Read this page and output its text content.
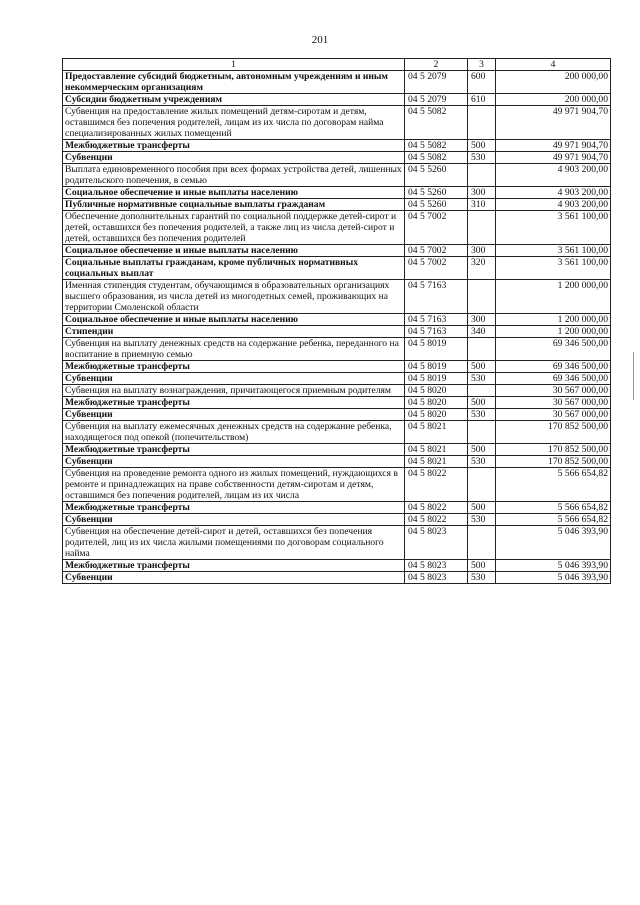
201
1	2	3	4
Предоставление субсидий бюджетным, автономным учреждениям и иным некоммерческим организациям	04 5 2079	600	200 000,00
Субсидии бюджетным учреждениям	04 5 2079	610	200 000,00
Субвенция на предоставление жилых помещений детям-сиротам и детям, оставшимся без попечения родителей, лицам из их числа по договорам найма специализированных жилых помещений	04 5 5082		49 971 904,70
Межбюджетные трансферты	04 5 5082	500	49 971 904,70
Субвенции	04 5 5082	530	49 971 904,70
Выплата единовременного пособия при всех формах устройства детей, лишенных родительского попечения, в семью	04 5 5260		4 903 200,00
Социальное обеспечение и иные выплаты населению	04 5 5260	300	4 903 200,00
Публичные нормативные социальные выплаты гражданам	04 5 5260	310	4 903 200,00
Обеспечение дополнительных гарантий по социальной поддержке детей-сирот и детей, оставшихся без попечения родителей, а также лиц из числа детей-сирот и детей, оставшихся без попечения родителей	04 5 7002		3 561 100,00
Социальное обеспечение и иные выплаты населению	04 5 7002	300	3 561 100,00
Социальные выплаты гражданам, кроме публичных нормативных социальных выплат	04 5 7002	320	3 561 100,00
Именная стипендия студентам, обучающимся в образовательных организациях высшего образования, из числа детей из многодетных семей, проживающих на территории Смоленской области	04 5 7163		1 200 000,00
Социальное обеспечение и иные выплаты населению	04 5 7163	300	1 200 000,00
Стипендии	04 5 7163	340	1 200 000,00
Субвенция на выплату денежных средств на содержание ребенка, переданного на воспитание в приемную семью	04 5 8019		69 346 500,00
Межбюджетные трансферты	04 5 8019	500	69 346 500,00
Субвенции	04 5 8019	530	69 346 500,00
Субвенция на выплату вознаграждения, причитающегося приемным родителям	04 5 8020		30 567 000,00
Межбюджетные трансферты	04 5 8020	500	30 567 000,00
Субвенции	04 5 8020	530	30 567 000,00
Субвенция на выплату ежемесячных денежных средств на содержание ребенка, находящегося под опекой (попечительством)	04 5 8021		170 852 500,00
Межбюджетные трансферты	04 5 8021	500	170 852 500,00
Субвенции	04 5 8021	530	170 852 500,00
Субвенция на проведение ремонта одного из жилых помещений, нуждающихся в ремонте и принадлежащих на праве собственности детям-сиротам и детям, оставшимся без попечения родителей, лицам из их числа	04 5 8022		5 566 654,82
Межбюджетные трансферты	04 5 8022	500	5 566 654,82
Субвенции	04 5 8022	530	5 566 654,82
Субвенция на обеспечение детей-сирот и детей, оставшихся без попечения родителей, лиц из их числа жилыми помещениями по договорам социального найма	04 5 8023		5 046 393,90
Межбюджетные трансферты	04 5 8023	500	5 046 393,90
Субвенции	04 5 8023	530	5 046 393,90
